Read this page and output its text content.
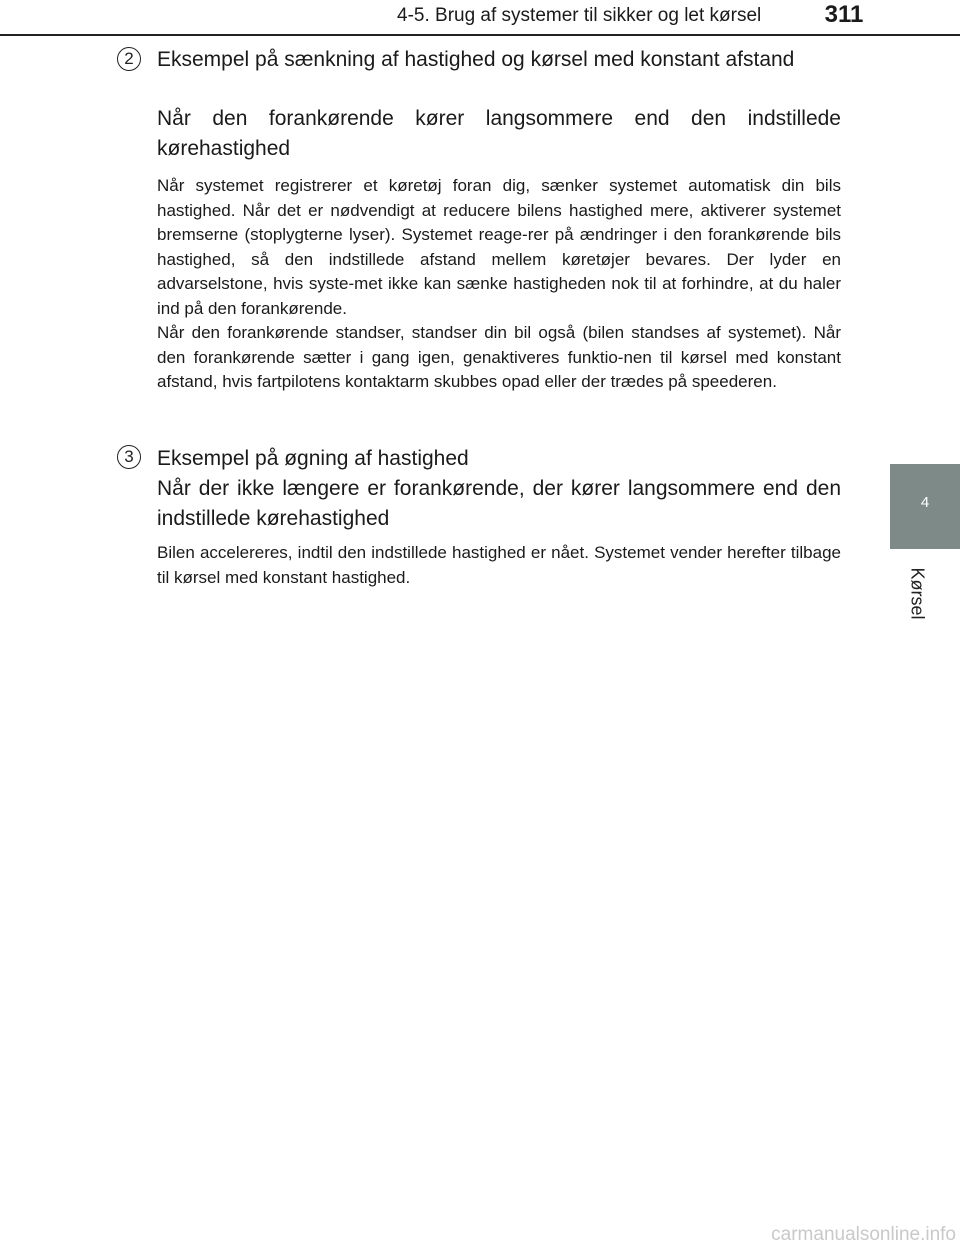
4-5. Brug af systemer til sikker og let kørsel	311
4
Kørsel
2	Eksempel på sænkning af hastighed og kørsel med konstant afstand
Når den forankørende kører langsommere end den indstillede kørehastighed

Når systemet registrerer et køretøj foran dig, sænker systemet automatisk din bils hastighed. Når det er nødvendigt at reducere bilens hastighed mere, aktiverer systemet bremserne (stoplygterne lyser). Systemet reage-rer på ændringer i den forankørende bils hastighed, så den indstillede afstand mellem køretøjer bevares. Der lyder en advarselstone, hvis syste-met ikke kan sænke hastigheden nok til at forhindre, at du haler ind på den forankørende.

Når den forankørende standser, standser din bil også (bilen standses af systemet). Når den forankørende sætter i gang igen, genaktiveres funktio-nen til kørsel med konstant afstand, hvis fartpilotens kontaktarm skubbes opad eller der trædes på speederen.

3	Eksempel på øgning af hastighed
Når der ikke længere er forankørende, der kører langsommere end den indstillede kørehastighed

Bilen accelereres, indtil den indstillede hastighed er nået. Systemet vender herefter tilbage til kørsel med konstant hastighed.

carmanualsonline.info
